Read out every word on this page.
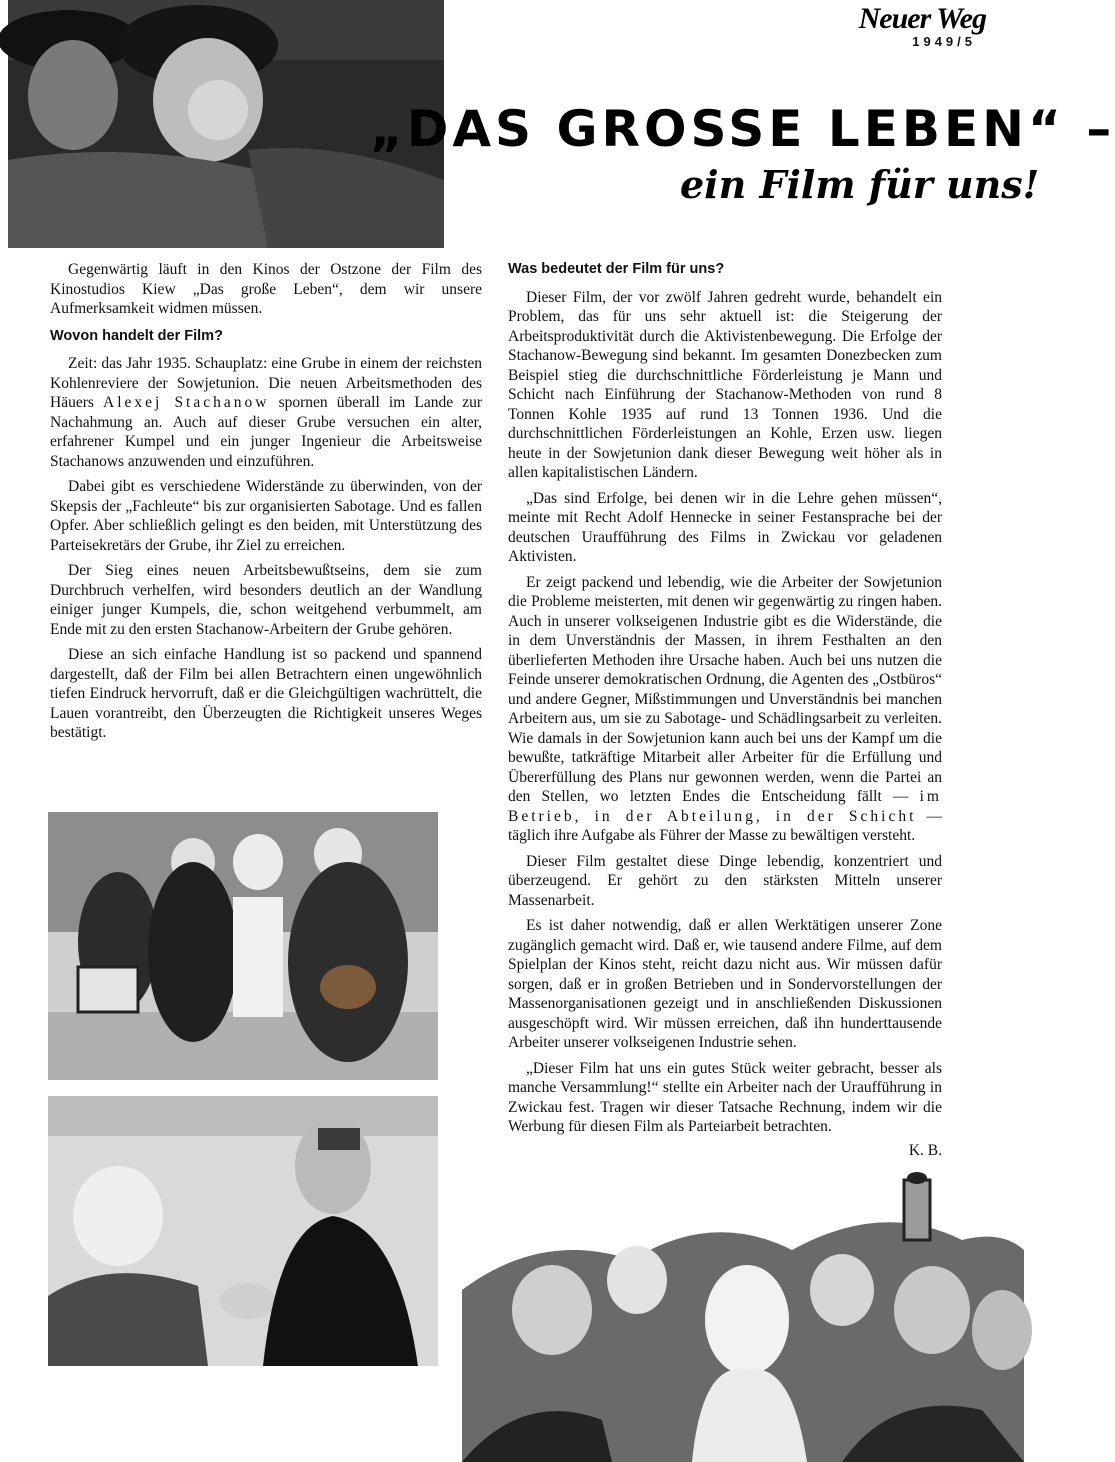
Neuer Weg
1949/5
„DAS GROSSE LEBEN“ –
ein Film für uns!

Gegenwärtig läuft in den Kinos der Ostzone der Film des Kinostudios Kiew „Das große Leben“, dem wir unsere Aufmerksamkeit widmen müssen.

Wovon handelt der Film?

Zeit: das Jahr 1935. Schauplatz: eine Grube in einem der reichsten Kohlenreviere der Sowjetunion. Die neuen Arbeitsmethoden des Häuers Alexej Stachanow spornen überall im Lande zur Nachahmung an. Auch auf dieser Grube versuchen ein alter, erfahrener Kumpel und ein junger Ingenieur die Arbeitsweise Stachanows anzuwenden und einzuführen.

Dabei gibt es verschiedene Widerstände zu überwinden, von der Skepsis der „Fachleute“ bis zur organisierten Sabotage. Und es fallen Opfer. Aber schließlich gelingt es den beiden, mit Unterstützung des Parteisekretärs der Grube, ihr Ziel zu erreichen.

Der Sieg eines neuen Arbeitsbewußtseins, dem sie zum Durchbruch verhelfen, wird besonders deutlich an der Wandlung einiger junger Kumpels, die, schon weitgehend verbummelt, am Ende mit zu den ersten Stachanow-Arbeitern der Grube gehören.

Diese an sich einfache Handlung ist so packend und spannend dargestellt, daß der Film bei allen Betrachtern einen ungewöhnlich tiefen Eindruck hervorruft, daß er die Gleichgültigen wachrüttelt, die Lauen vorantreibt, den Überzeugten die Richtigkeit unseres Weges bestätigt.

Was bedeutet der Film für uns?

Dieser Film, der vor zwölf Jahren gedreht wurde, behandelt ein Problem, das für uns sehr aktuell ist: die Steigerung der Arbeitsproduktivität durch die Aktivistenbewegung. Die Erfolge der Stachanow-Bewegung sind bekannt. Im gesamten Donezbecken zum Beispiel stieg die durchschnittliche Förderleistung je Mann und Schicht nach Einführung der Stachanow-Methoden von rund 8 Tonnen Kohle 1935 auf rund 13 Tonnen 1936. Und die durchschnittlichen Förderleistungen an Kohle, Erzen usw. liegen heute in der Sowjetunion dank dieser Bewegung weit höher als in allen kapitalistischen Ländern.

„Das sind Erfolge, bei denen wir in die Lehre gehen müssen“, meinte mit Recht Adolf Hennecke in seiner Festansprache bei der deutschen Uraufführung des Films in Zwickau vor geladenen Aktivisten.

Er zeigt packend und lebendig, wie die Arbeiter der Sowjetunion die Probleme meisterten, mit denen wir gegenwärtig zu ringen haben. Auch in unserer volkseigenen Industrie gibt es die Widerstände, die in dem Unverständnis der Massen, in ihrem Festhalten an den überlieferten Methoden ihre Ursache haben. Auch bei uns nutzen die Feinde unserer demokratischen Ordnung, die Agenten des „Ostbüros“ und andere Gegner, Mißstimmungen und Unverständnis bei manchen Arbeitern aus, um sie zu Sabotage- und Schädlingsarbeit zu verleiten. Wie damals in der Sowjetunion kann auch bei uns der Kampf um die bewußte, tatkräftige Mitarbeit aller Arbeiter für die Erfüllung und Übererfüllung des Plans nur gewonnen werden, wenn die Partei an den Stellen, wo letzten Endes die Entscheidung fällt — im Betrieb, in der Abteilung, in der Schicht — täglich ihre Aufgabe als Führer der Masse zu bewältigen versteht.

Dieser Film gestaltet diese Dinge lebendig, konzentriert und überzeugend. Er gehört zu den stärksten Mitteln unserer Massenarbeit.

Es ist daher notwendig, daß er allen Werktätigen unserer Zone zugänglich gemacht wird. Daß er, wie tausend andere Filme, auf dem Spielplan der Kinos steht, reicht dazu nicht aus. Wir müssen dafür sorgen, daß er in großen Betrieben und in Sondervorstellungen der Massenorganisationen gezeigt und in anschließenden Diskussionen ausgeschöpft wird. Wir müssen erreichen, daß ihn hunderttausende Arbeiter unserer volkseigenen Industrie sehen.

„Dieser Film hat uns ein gutes Stück weiter gebracht, besser als manche Versammlung!“ stellte ein Arbeiter nach der Uraufführung in Zwickau fest. Tragen wir dieser Tatsache Rechnung, indem wir die Werbung für diesen Film als Parteiarbeit betrachten.

K. B.
